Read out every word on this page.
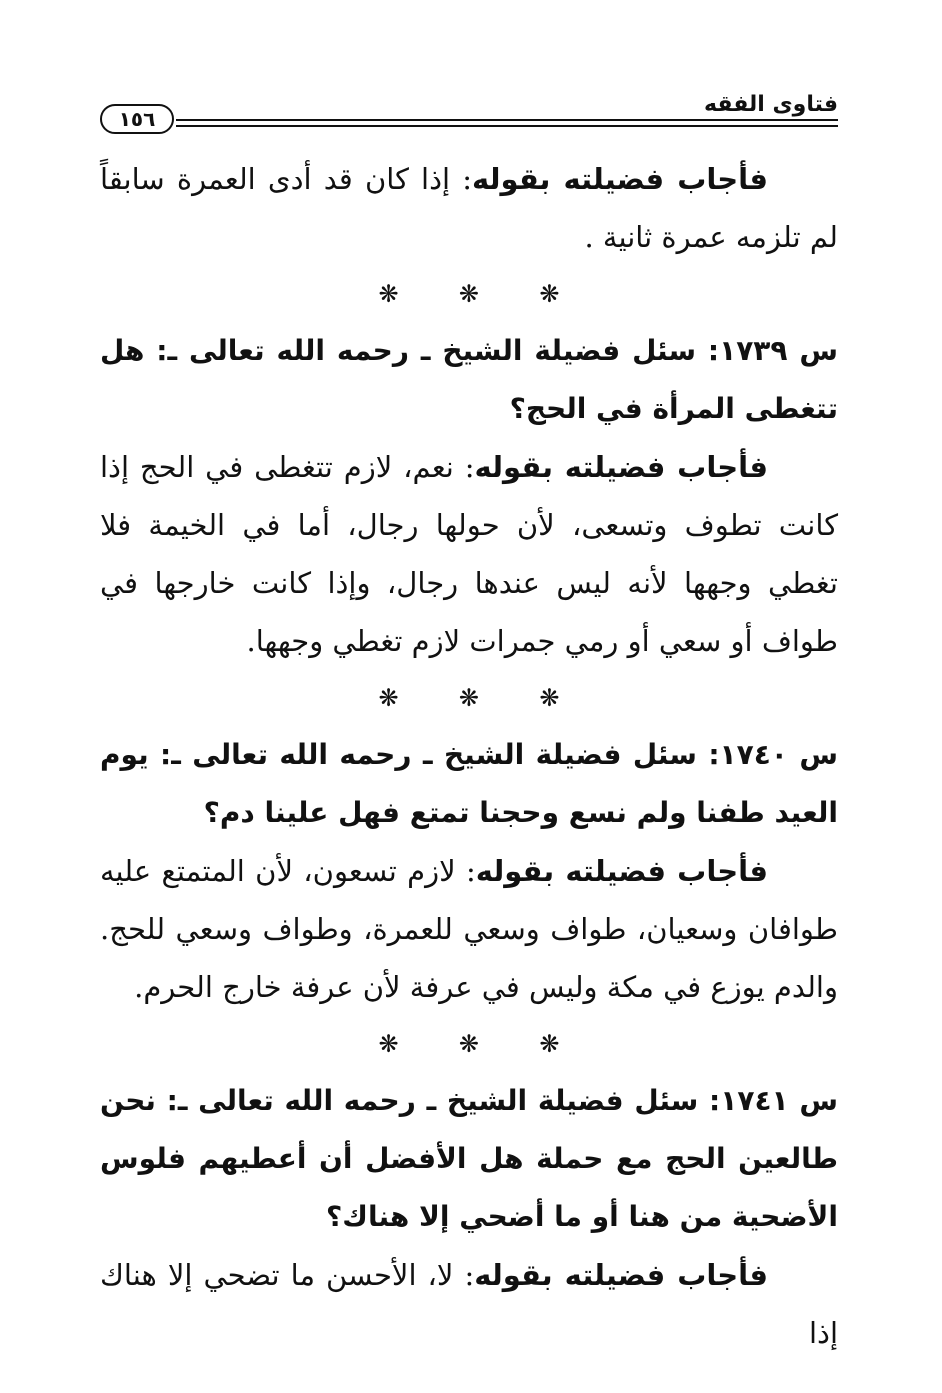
فتاوى الفقه
١٥٦

فأجاب فضيلته بقوله: إذا كان قد أدى العمرة سابقاً لم تلزمه عمرة ثانية .

❋ ❋ ❋

س ١٧٣٩: سئل فضيلة الشيخ ـ رحمه الله تعالى ـ: هل تتغطى المرأة في الحج؟

فأجاب فضيلته بقوله: نعم، لازم تتغطى في الحج إذا كانت تطوف وتسعى، لأن حولها رجال، أما في الخيمة فلا تغطي وجهها لأنه ليس عندها رجال، وإذا كانت خارجها في طواف أو سعي أو رمي جمرات لازم تغطي وجهها.

❋ ❋ ❋

س ١٧٤٠: سئل فضيلة الشيخ ـ رحمه الله تعالى ـ: يوم العيد طفنا ولم نسع وحجنا تمتع فهل علينا دم؟

فأجاب فضيلته بقوله: لازم تسعون، لأن المتمتع عليه طوافان وسعيان، طواف وسعي للعمرة، وطواف وسعي للحج. والدم يوزع في مكة وليس في عرفة لأن عرفة خارج الحرم.

❋ ❋ ❋

س ١٧٤١: سئل فضيلة الشيخ ـ رحمه الله تعالى ـ: نحن طالعين الحج مع حملة هل الأفضل أن أعطيهم فلوس الأضحية من هنا أو ما أضحي إلا هناك؟

فأجاب فضيلته بقوله: لا، الأحسن ما تضحي إلا هناك إذا
